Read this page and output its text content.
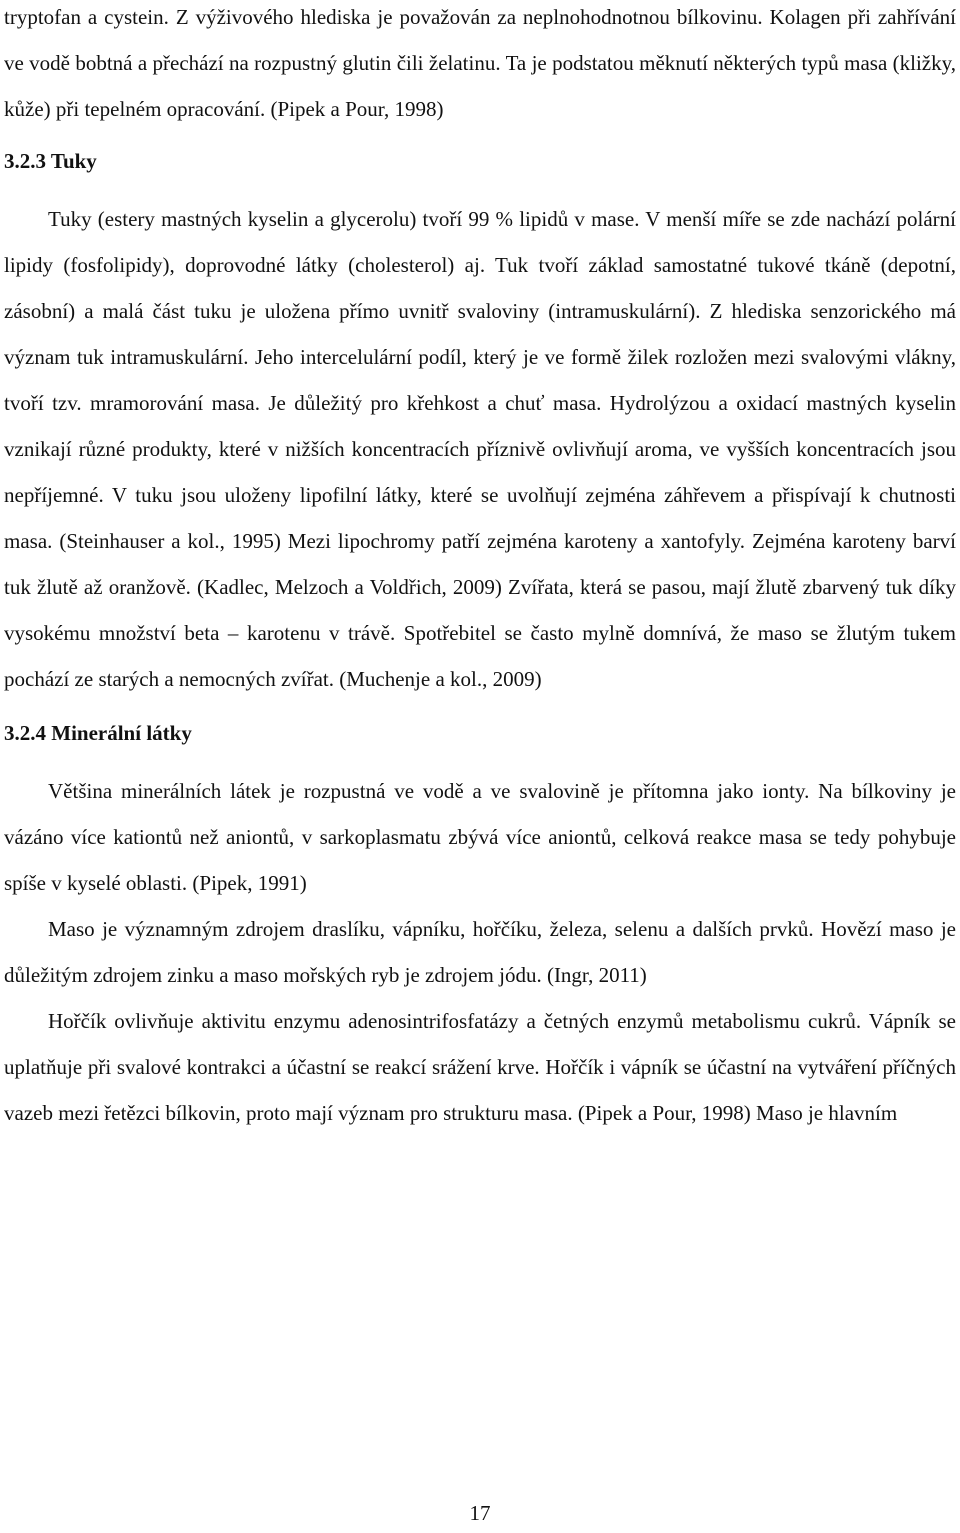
tryptofan a cystein. Z výživového hlediska je považován za neplnohodnotnou bílkovinu. Kolagen při zahřívání ve vodě bobtná a přechází na rozpustný glutin čili želatinu. Ta je podstatou měknutí některých typů masa (kližky, kůže) při tepelném opracování. (Pipek a Pour, 1998)

3.2.3 Tuky

Tuky (estery mastných kyselin a glycerolu) tvoří 99 % lipidů v mase. V menší míře se zde nachází polární lipidy (fosfolipidy), doprovodné látky (cholesterol) aj. Tuk tvoří základ samostatné tukové tkáně (depotní, zásobní) a malá část tuku je uložena přímo uvnitř svaloviny (intramuskulární). Z hlediska senzorického má význam tuk intramuskulární. Jeho intercelulární podíl, který je ve formě žilek rozložen mezi svalovými vlákny, tvoří tzv. mramorování masa. Je důležitý pro křehkost a chuť masa. Hydrolýzou a oxidací mastných kyselin vznikají různé produkty, které v nižších koncentracích příznivě ovlivňují aroma, ve vyšších koncentracích jsou nepříjemné. V tuku jsou uloženy lipofilní látky, které se uvolňují zejména záhřevem a přispívají k chutnosti masa. (Steinhauser a kol., 1995) Mezi lipochromy patří zejména karoteny a xantofyly. Zejména karoteny barví tuk žlutě až oranžově. (Kadlec, Melzoch a Voldřich, 2009) Zvířata, která se pasou, mají žlutě zbarvený tuk díky vysokému množství beta – karotenu v trávě. Spotřebitel se často mylně domnívá, že maso se žlutým tukem pochází ze starých a nemocných zvířat. (Muchenje a kol., 2009)

3.2.4 Minerální látky

Většina minerálních látek je rozpustná ve vodě a ve svalovině je přítomna jako ionty. Na bílkoviny je vázáno více kationtů než aniontů, v sarkoplasmatu zbývá více aniontů, celková reakce masa se tedy pohybuje spíše v kyselé oblasti. (Pipek, 1991)

Maso je významným zdrojem draslíku, vápníku, hořčíku, železa, selenu a dalších prvků. Hovězí maso je důležitým zdrojem zinku a maso mořských ryb je zdrojem jódu. (Ingr, 2011)

Hořčík ovlivňuje aktivitu enzymu adenosintrifosfatázy a četných enzymů metabolismu cukrů. Vápník se uplatňuje při svalové kontrakci a účastní se reakcí srážení krve. Hořčík i vápník se účastní na vytváření příčných vazeb mezi řetězci bílkovin, proto mají význam pro strukturu masa. (Pipek a Pour, 1998) Maso je hlavním

17
